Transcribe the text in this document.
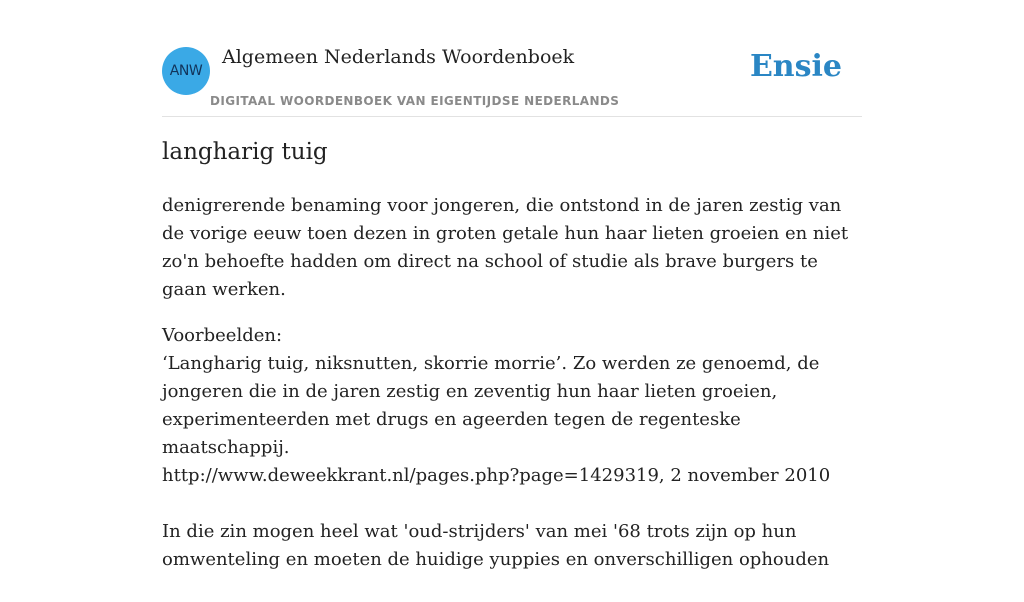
ANW
Algemeen Nederlands Woordenboek
DIGITAAL WOORDENBOEK VAN EIGENTIJDSE NEDERLANDS
Ensie
langharig tuig

denigrerende benaming voor jongeren, die ontstond in de jaren zestig van de vorige eeuw toen dezen in groten getale hun haar lieten groeien en niet zo'n behoefte hadden om direct na school of studie als brave burgers te gaan werken.

Voorbeelden:

‘Langharig tuig, niksnutten, skorrie morrie’. Zo werden ze genoemd, de jongeren die in de jaren zestig en zeventig hun haar lieten groeien, experimenteerden met drugs en ageerden tegen de regenteske maatschappij.

http://www.deweekkrant.nl/pages.php?page=1429319, 2 november 2010

In die zin mogen heel wat 'oud-strijders' van mei '68 trots zijn op hun omwenteling en moeten de huidige yuppies en onverschilligen ophouden
